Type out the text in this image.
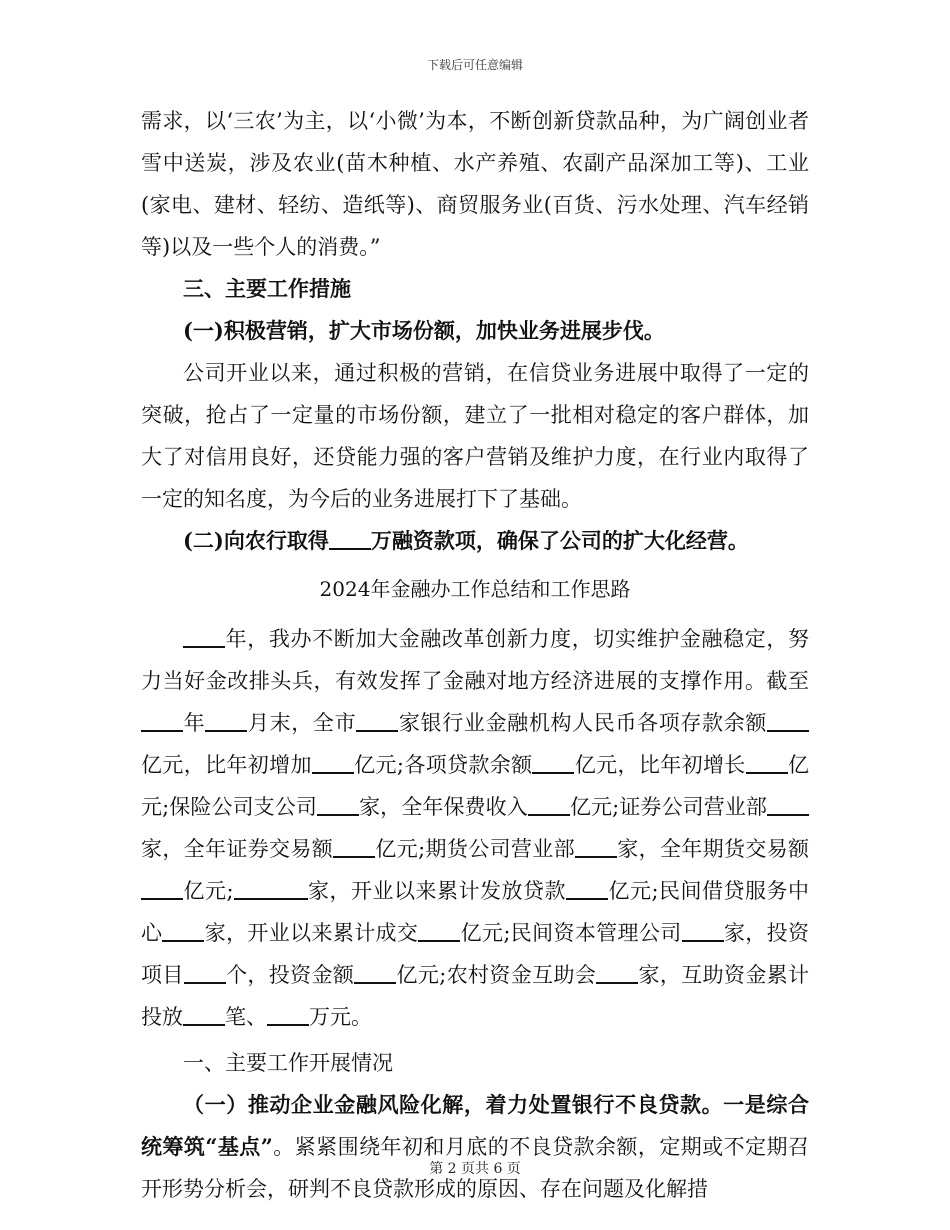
下载后可任意编辑

需求，以‘三农’为主，以‘小微’为本，不断创新贷款品种，为广阔创业者雪中送炭，涉及农业(苗木种植、水产养殖、农副产品深加工等)、工业(家电、建材、轻纺、造纸等)、商贸服务业(百货、污水处理、汽车经销等)以及一些个人的消费。”

三、主要工作措施

(一)积极营销，扩大市场份额，加快业务进展步伐。

公司开业以来，通过积极的营销，在信贷业务进展中取得了一定的突破，抢占了一定量的市场份额，建立了一批相对稳定的客户群体，加大了对信用良好，还贷能力强的客户营销及维护力度，在行业内取得了一定的知名度，为今后的业务进展打下了基础。

(二)向农行取得 万融资款项，确保了公司的扩大化经营。

2024年金融办工作总结和工作思路

年，我办不断加大金融改革创新力度，切实维护金融稳定，努力当好金改排头兵，有效发挥了金融对地方经济进展的支撑作用。截至年 月末，全市 家银行业金融机构人民币各项存款余额亿元，比年初增加 亿元;各项贷款余额 亿元，比年初增长 亿元;保险公司支公司 家，全年保费收入 亿元;证券公司营业部家，全年证券交易额 亿元;期货公司营业部 家，全年期货交易额亿元;	家，开业以来累计发放贷款 亿元;民间借贷服务中心 家，开业以来累计成交 亿元;民间资本管理公司 家，投资项目 个，投资金额 亿元;农村资金互助会 家，互助资金累计投放 笔、 万元。

一、主要工作开展情况

（一）推动企业金融风险化解，着力处置银行不良贷款。一是综合统筹筑“基点”。紧紧围绕年初和月底的不良贷款余额，定期或不定期召开形势分析会，研判不良贷款形成的原因、存在问题及化解措

第 2 页共 6 页
